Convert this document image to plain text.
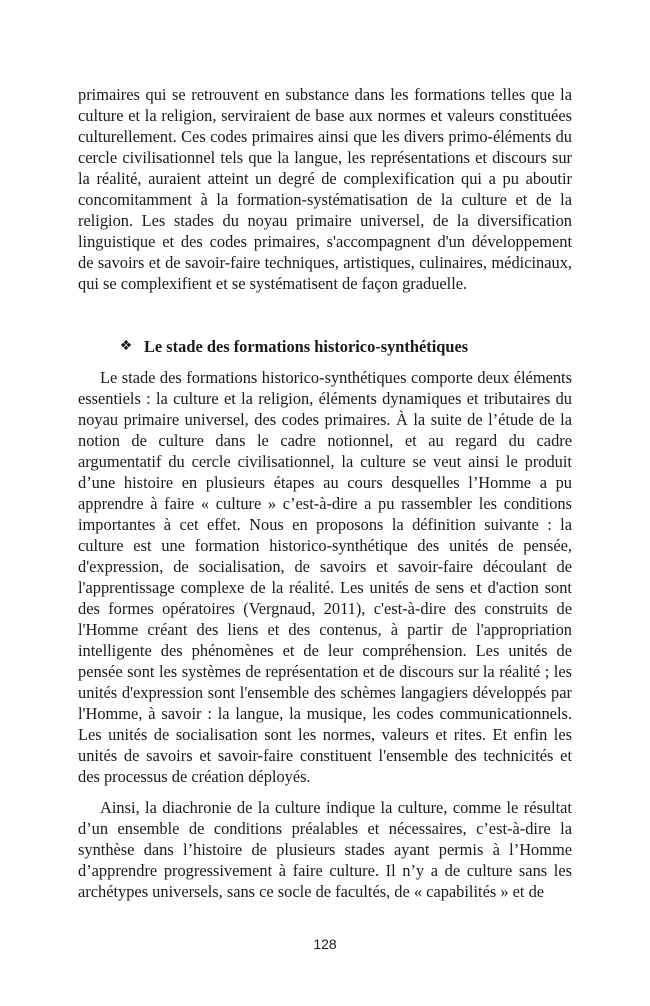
primaires qui se retrouvent en substance dans les formations telles que la culture et la religion, serviraient de base aux normes et valeurs constituées culturellement. Ces codes primaires ainsi que les divers primo-éléments du cercle civilisationnel tels que la langue, les représentations et discours sur la réalité, auraient atteint un degré de complexification qui a pu aboutir concomitamment à la formation-systématisation de la culture et de la religion. Les stades du noyau primaire universel, de la diversification linguistique et des codes primaires, s'accompagnent d'un développement de savoirs et de savoir-faire techniques, artistiques, culinaires, médicinaux, qui se complexifient et se systématisent de façon graduelle.

❖ Le stade des formations historico-synthétiques

Le stade des formations historico-synthétiques comporte deux éléments essentiels : la culture et la religion, éléments dynamiques et tributaires du noyau primaire universel, des codes primaires. À la suite de l’étude de la notion de culture dans le cadre notionnel, et au regard du cadre argumentatif du cercle civilisationnel, la culture se veut ainsi le produit d’une histoire en plusieurs étapes au cours desquelles l’Homme a pu apprendre à faire « culture » c’est-à-dire a pu rassembler les conditions importantes à cet effet. Nous en proposons la définition suivante : la culture est une formation historico-synthétique des unités de pensée, d'expression, de socialisation, de savoirs et savoir-faire découlant de l'apprentissage complexe de la réalité. Les unités de sens et d'action sont des formes opératoires (Vergnaud, 2011), c'est-à-dire des construits de l'Homme créant des liens et des contenus, à partir de l'appropriation intelligente des phénomènes et de leur compréhension. Les unités de pensée sont les systèmes de représentation et de discours sur la réalité ; les unités d'expression sont l'ensemble des schèmes langagiers développés par l'Homme, à savoir : la langue, la musique, les codes communicationnels. Les unités de socialisation sont les normes, valeurs et rites. Et enfin les unités de savoirs et savoir-faire constituent l'ensemble des technicités et des processus de création déployés.

Ainsi, la diachronie de la culture indique la culture, comme le résultat d’un ensemble de conditions préalables et nécessaires, c’est-à-dire la synthèse dans l’histoire de plusieurs stades ayant permis à l’Homme d’apprendre progressivement à faire culture. Il n’y a de culture sans les archétypes universels, sans ce socle de facultés, de « capabilités » et de

128
